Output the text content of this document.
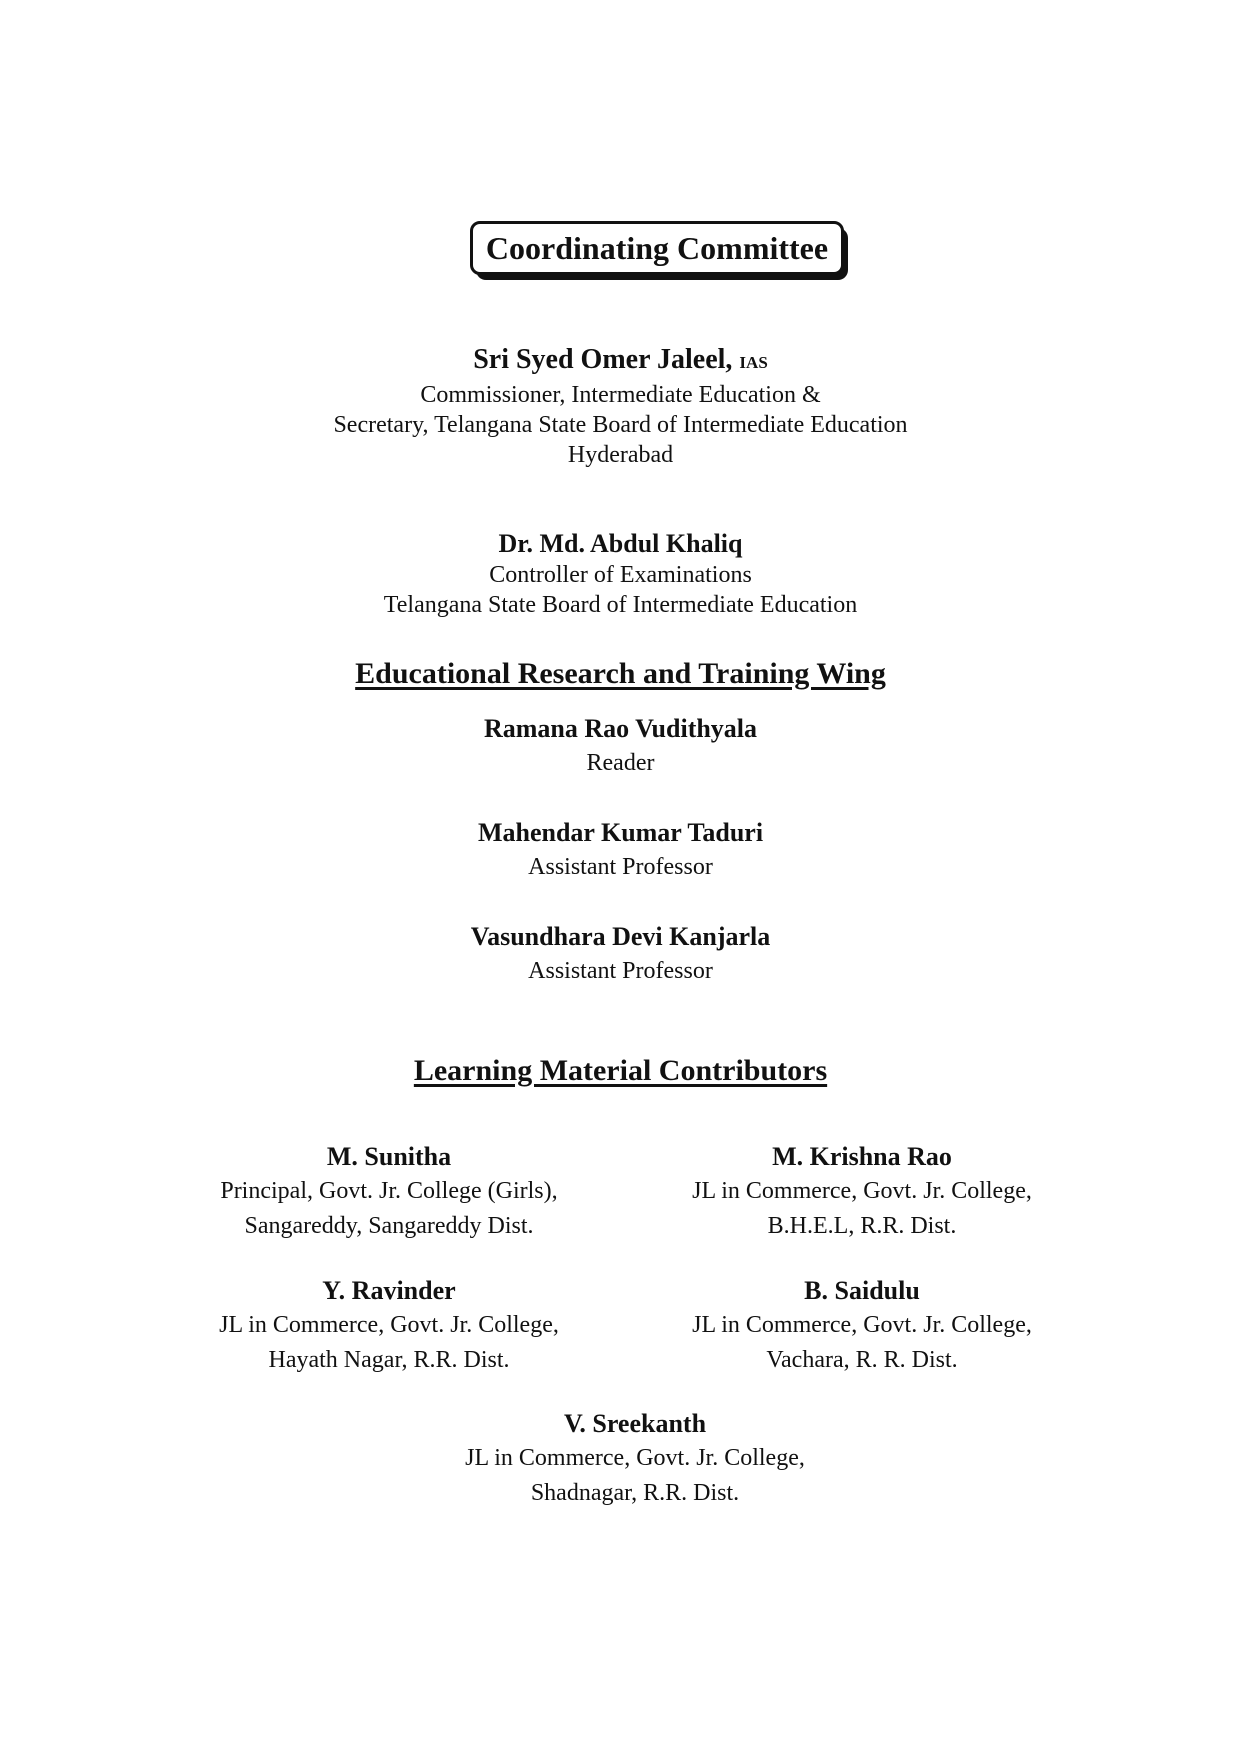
Coordinating Committee
Sri Syed Omer Jaleel, IAS
Commissioner, Intermediate Education &
Secretary, Telangana State Board of Intermediate Education
Hyderabad
Dr. Md. Abdul Khaliq
Controller of Examinations
Telangana State Board of Intermediate Education
Educational Research and Training Wing
Ramana Rao Vudithyala
Reader
Mahendar Kumar Taduri
Assistant Professor
Vasundhara Devi Kanjarla
Assistant Professor
Learning Material Contributors
M. Sunitha
Principal, Govt. Jr. College (Girls),
Sangareddy, Sangareddy Dist.
M. Krishna Rao
JL in Commerce, Govt. Jr. College,
B.H.E.L, R.R. Dist.
Y. Ravinder
JL in Commerce, Govt. Jr. College,
Hayath Nagar, R.R. Dist.
B. Saidulu
JL in Commerce, Govt. Jr. College,
Vachara, R. R. Dist.
V. Sreekanth
JL in Commerce, Govt. Jr. College,
Shadnagar, R.R. Dist.
